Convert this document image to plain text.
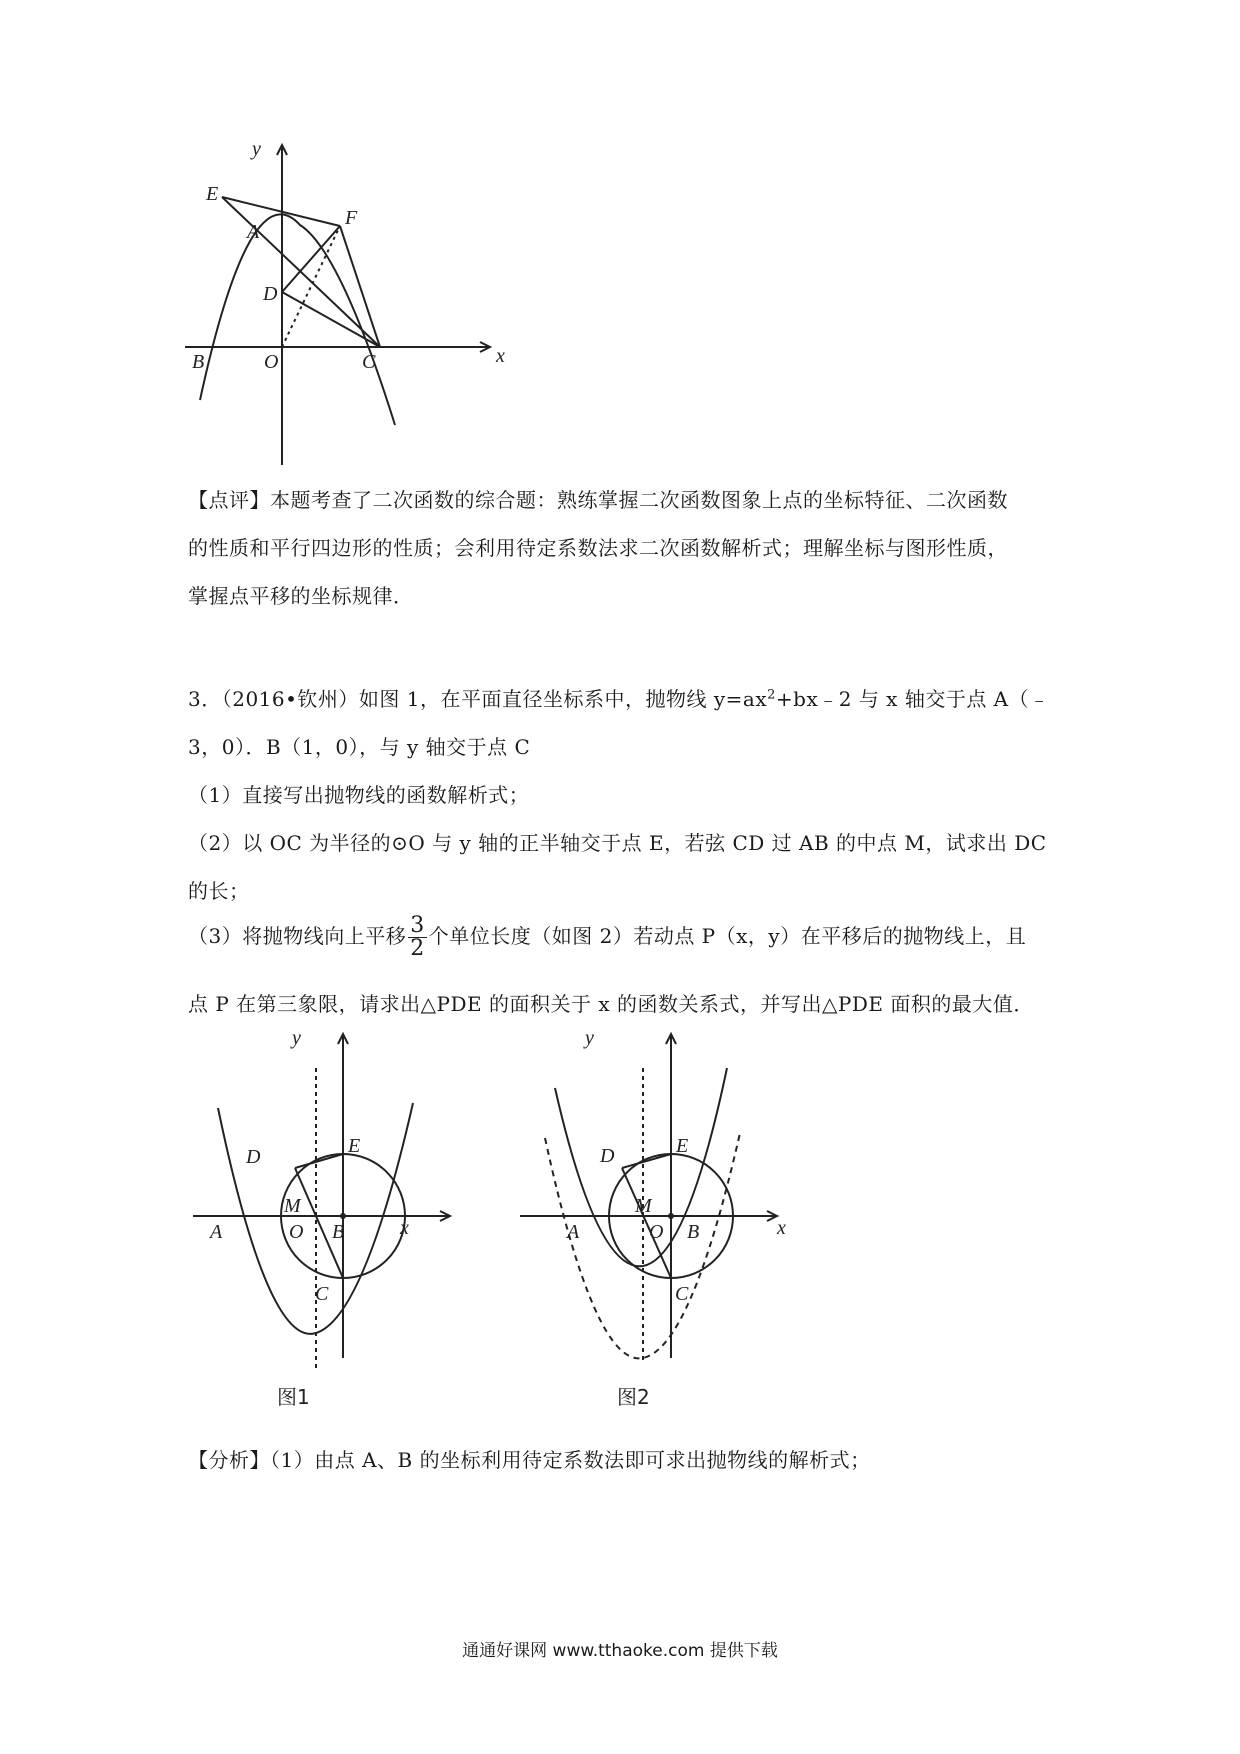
y
x
E
A
F
D
B	O	C
【点评】本题考查了二次函数的综合题：熟练掌握二次函数图象上点的坐标特征、二次函数
的性质和平行四边形的性质；会利用待定系数法求二次函数解析式；理解坐标与图形性质，
掌握点平移的坐标规律．
3．（2016•钦州）如图 1，在平面直径坐标系中，抛物线 $y=ax^2+bx﹣2$ 与 x 轴交于点 A（﹣
3，0）．B（1，0），与 y 轴交于点 C
（1）直接写出抛物线的函数解析式；
（2）以 OC 为半径的⊙O 与 y 轴的正半轴交于点 E，若弦 CD 过 AB 的中点 M，试求出 DC
的长；
（3）将抛物线向上平移 $\frac{3}{2}$ 个单位长度（如图 2）若动点 P（x，y）在平移后的抛物线上，且
点 P 在第三象限，请求出△PDE 的面积关于 x 的函数关系式，并写出△PDE 面积的最大值．
y
x
E
D
M
A	O B
C
图1
y
x
E
D
M
A	O B
C
图2
【分析】（1）由点 A、B 的坐标利用待定系数法即可求出抛物线的解析式；
通通好课网 www.tthaoke.com 提供下载
